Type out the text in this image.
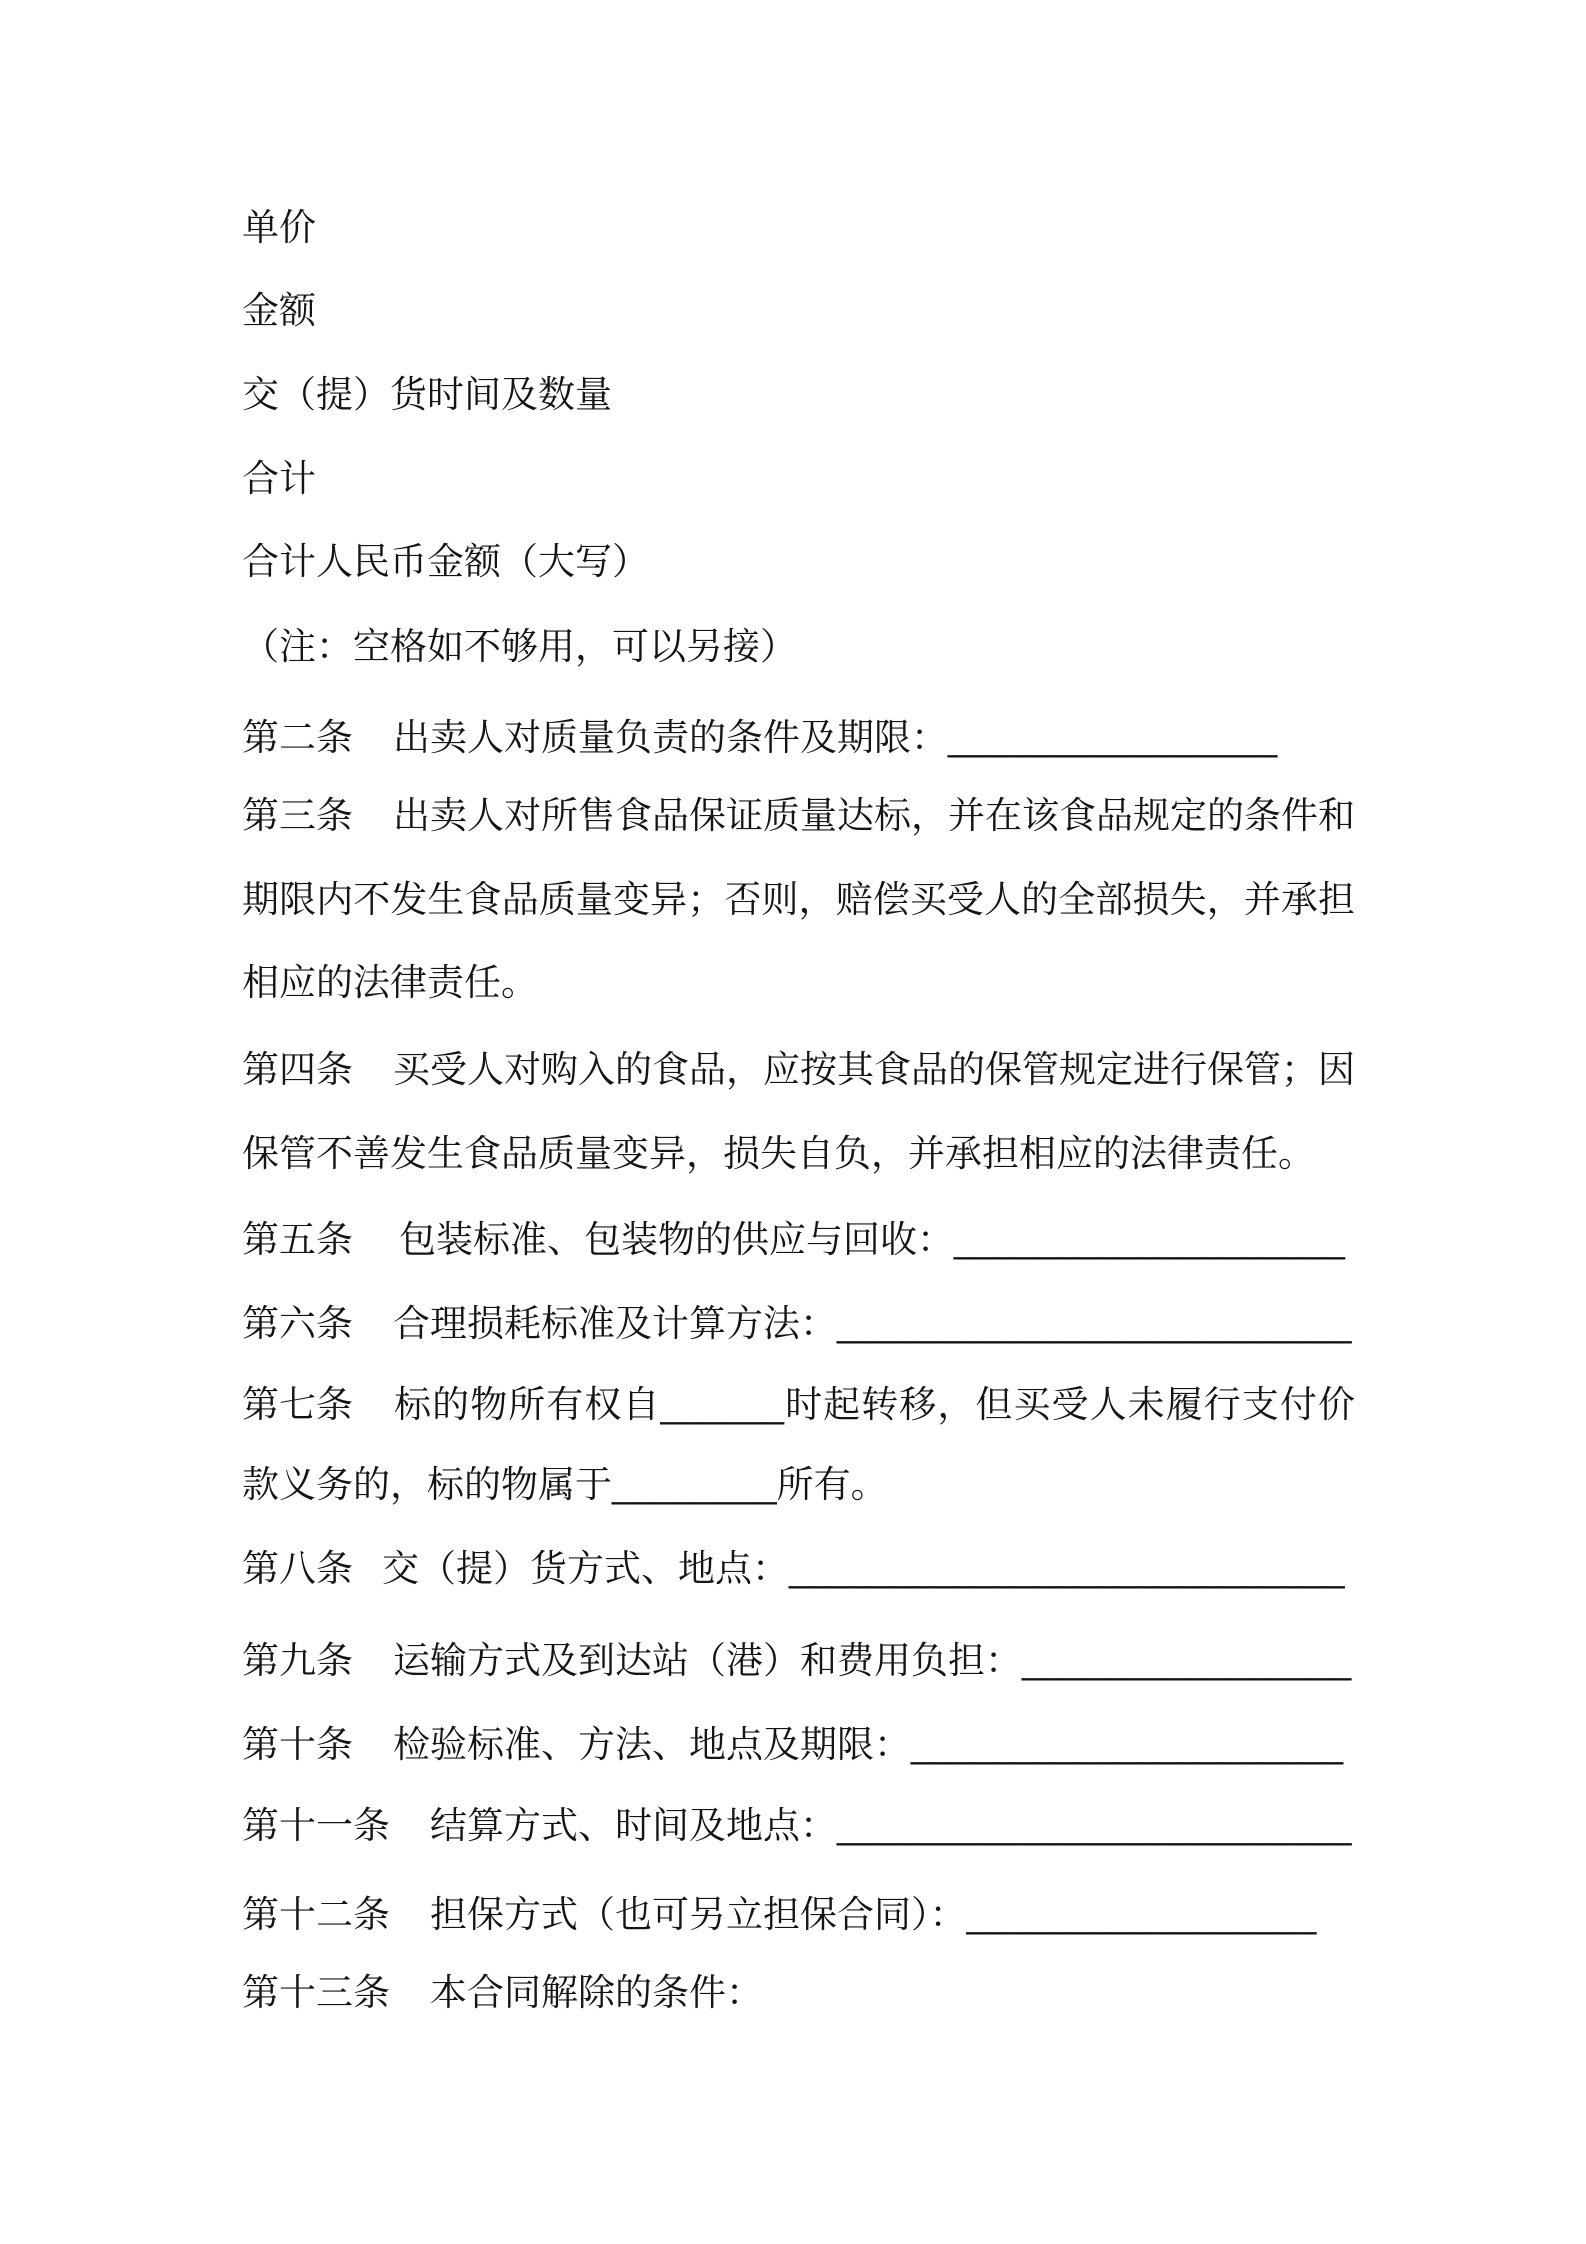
单价
金额
交（提）货时间及数量
合计
合计人民币金额（大写）
（注：空格如不够用，可以另接）
第二条 出卖人对质量负责的条件及期限：________________
第三条 出卖人对所售食品保证质量达标，并在该食品规定的条件和
期限内不发生食品质量变异；否则，赔偿买受人的全部损失，并承担
相应的法律责任。
第四条 买受人对购入的食品，应按其食品的保管规定进行保管；因
保管不善发生食品质量变异，损失自负，并承担相应的法律责任。
第五条 包装标准、包装物的供应与回收：___________________
第六条 合理损耗标准及计算方法：_________________________
第七条 标的物所有权自______时起转移，但买受人未履行支付价
款义务的，标的物属于________所有。
第八条 交（提）货方式、地点：___________________________
第九条 运输方式及到达站（港）和费用负担：________________
第十条 检验标准、方法、地点及期限：_____________________
第十一条 结算方式、时间及地点：_________________________
第十二条 担保方式（也可另立担保合同）：_________________
第十三条 本合同解除的条件：
